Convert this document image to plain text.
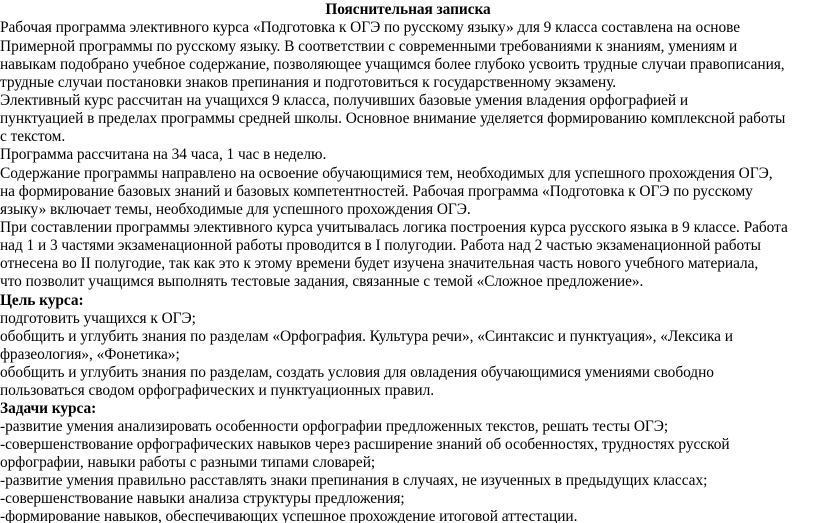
Пояснительная записка
Рабочая программа элективного курса «Подготовка к ОГЭ по русскому языку» для 9 класса составлена на основе
Примерной программы по русскому языку. В соответствии с современными требованиями к знаниям, умениям и
навыкам подобрано учебное содержание, позволяющее учащимся более глубоко усвоить трудные случаи правописания,
трудные случаи постановки знаков препинания и подготовиться к государственному экзамену.
Элективный курс рассчитан на учащихся 9 класса, получивших базовые умения владения орфографией и
пунктуацией в пределах программы средней школы. Основное внимание уделяется формированию комплексной работы
с текстом.
Программа рассчитана на 34 часа, 1 час в неделю.
Содержание программы направлено на освоение обучающимися тем, необходимых для успешного прохождения ОГЭ,
на формирование базовых знаний и базовых компетентностей. Рабочая программа «Подготовка к ОГЭ по русскому
языку» включает темы, необходимые для успешного прохождения ОГЭ.
При составлении программы элективного курса учитывалась логика построения курса русского языка в 9 классе. Работа
над 1 и 3 частями экзаменационной работы проводится в I полугодии. Работа над 2 частью экзаменационной работы
отнесена во II полугодие, так как это к этому времени будет изучена значительная часть нового учебного материала,
что позволит учащимся выполнять тестовые задания, связанные с темой «Сложное предложение».
Цель курса:
подготовить учащихся к ОГЭ;
обобщить и углубить знания по разделам «Орфография. Культура речи», «Синтаксис и пунктуация», «Лексика и
фразеология», «Фонетика»;
обобщить и углубить знания по разделам, создать условия для овладения обучающимися умениями свободно
пользоваться сводом орфографических и пунктуационных правил.
Задачи курса:
-развитие умения анализировать особенности орфографии предложенных текстов, решать тесты ОГЭ;
-совершенствование орфографических навыков через расширение знаний об особенностях, трудностях русской
орфографии, навыки работы с разными типами словарей;
-развитие умения правильно расставлять знаки препинания в случаях, не изученных в предыдущих классах;
-совершенствование навыки анализа структуры предложения;
-формирование навыков, обеспечивающих успешное прохождение итоговой аттестации.
